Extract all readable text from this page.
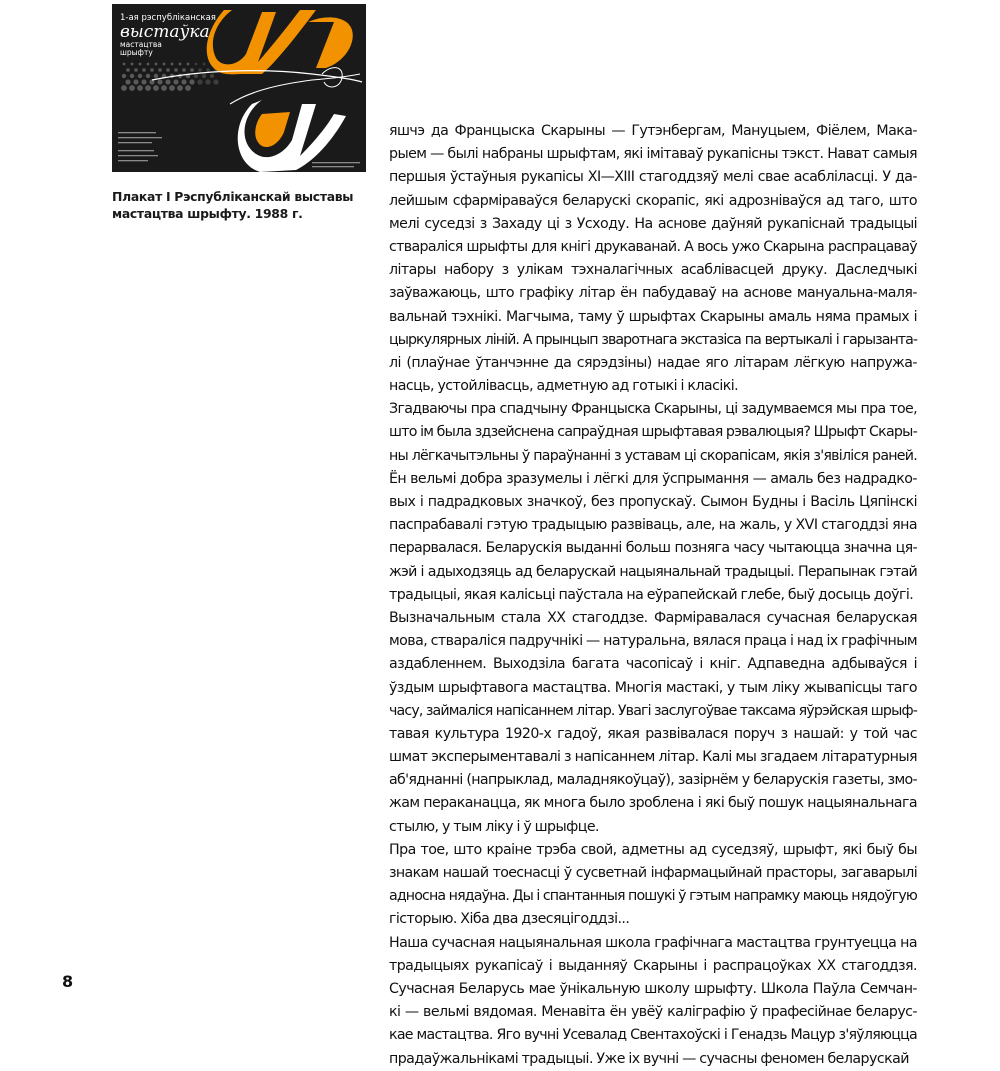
1-ая рэспубліканская
выстаўка
мастацтва
шрыфту

Плакат I Рэспубліканскай выставы
мастацтва шрыфту. 1988 г.

яшчэ да Францыска Скарыны — Гутэнбергам, Мануцыем, Фіёлем, Мака-
рыем — былі набраны шрыфтам, які імітаваў рукапісны тэкст. Нават самыя
першыя ўстаўныя рукапісы ХІ—ХІІІ стагоддзяў мелі свае асабліласці. У да-
лейшым сфарміраваўся беларускі скорапіс, які адрозніваўся ад таго, што
мелі суседзі з Захаду ці з Усходу. На аснове даўняй рукапіснай традыцыі
стварaліся шрыфты для кнігі друкаванай. А вось ужо Скарына распрацаваў
літары набору з улікам тэхналагічных асаблівасцей друку. Даследчыкі
заўважаюць, што графіку літар ён пабудаваў на аснове мануальна-маля-
вальнай тэхнікі. Магчыма, таму ў шрыфтах Скарыны амаль няма прамых і
цыркулярных ліній. А прынцып зваротнага экстазіса па вертыкалі і гарызанта-
лі (плаўнае ўтанчэнне да сярэдзіны) надае яго літарам лёгкую напружа-
насць, устойлівасць, адметную ад готыкі і класікі.
Згадваючы пра спадчыну Францыска Скарыны, ці задумваемся мы пра тое,
што ім была здзейснена сапраўдная шрыфтавая рэвалюцыя? Шрыфт Скары-
ны лёгкачытэльны ў параўнанні з уставам ці скорапісам, якія з'явіліся раней.
Ён вельмі добра зразумелы і лёгкі для ўспрымання — амаль без надрадко-
вых і падрадковых значкоў, без пропускаў. Сымон Будны і Васіль Цяпінскі
паспрабавалі гэтую традыцыю развіваць, але, на жаль, у XVI стагоддзі яна
перарвалася. Беларускія выданні больш позняга часу чытаюцца значна ця-
жэй і адыходзяць ад беларускай нацыянальнай традыцыі. Перапынак гэтай
традыцыі, якая калісьці паўстала на еўрапейскай глебе, быў досыць доўгі.
Вызначальным стала ХХ стагоддзе. Фарміравалася сучасная беларуская
мова, ствараліся падручнікі — натуральна, вялася праца і над іх графічным
аздабленнем. Выходзіла багата часопісаў і кніг. Адпаведна адбываўся і
ўздым шрыфтавога мастацтва. Многія мастакі, у тым ліку жывапісцы таго
часу, займаліся напісаннем літар. Увагі заслугоўвае таксама яўрэйская шрыф-
тавая культура 1920-х гадоў, якая развівалася поруч з нашай: у той час
шмат эксперыментавалі з напісаннем літар. Калі мы згадаем літаратурныя
аб'яднанні (напрыклад, маладнякоўцаў), зазірнём у беларускія газеты, змо-
жам пераканацца, як многа было зроблена і які быў пошук нацыянальнага
стылю, у тым ліку і ў шрыфце.
Пра тое, што краіне трэба свой, адметны ад суседзяў, шрыфт, які быў бы
знакам нашай тоеснасці ў сусветнай інфармацыйнай прасторы, загаварылі
адносна нядаўна. Ды і спантанныя пошукі ў гэтым напрамку маюць нядоўгую
гісторыю. Хіба два дзесяцігоддзі...
Наша сучасная нацыянальная школа графічнага мастацтва грунтуецца на
традыцыях рукапісаў і выданняў Скарыны і распрацоўках ХХ стагоддзя.
Сучасная Беларусь мае ўнікальную школу шрыфту. Школа Паўла Семчан-
кі — вельмі вядомая. Менавіта ён увёў каліграфію ў прафесійнае беларус-
кае мастацтва. Яго вучні Усевалад Свентахоўскі і Генадзь Мацур з'яўляюцца
прадаўжальнікамі традыцыі. Уже іх вучні — сучасны феномен беларускай

8
